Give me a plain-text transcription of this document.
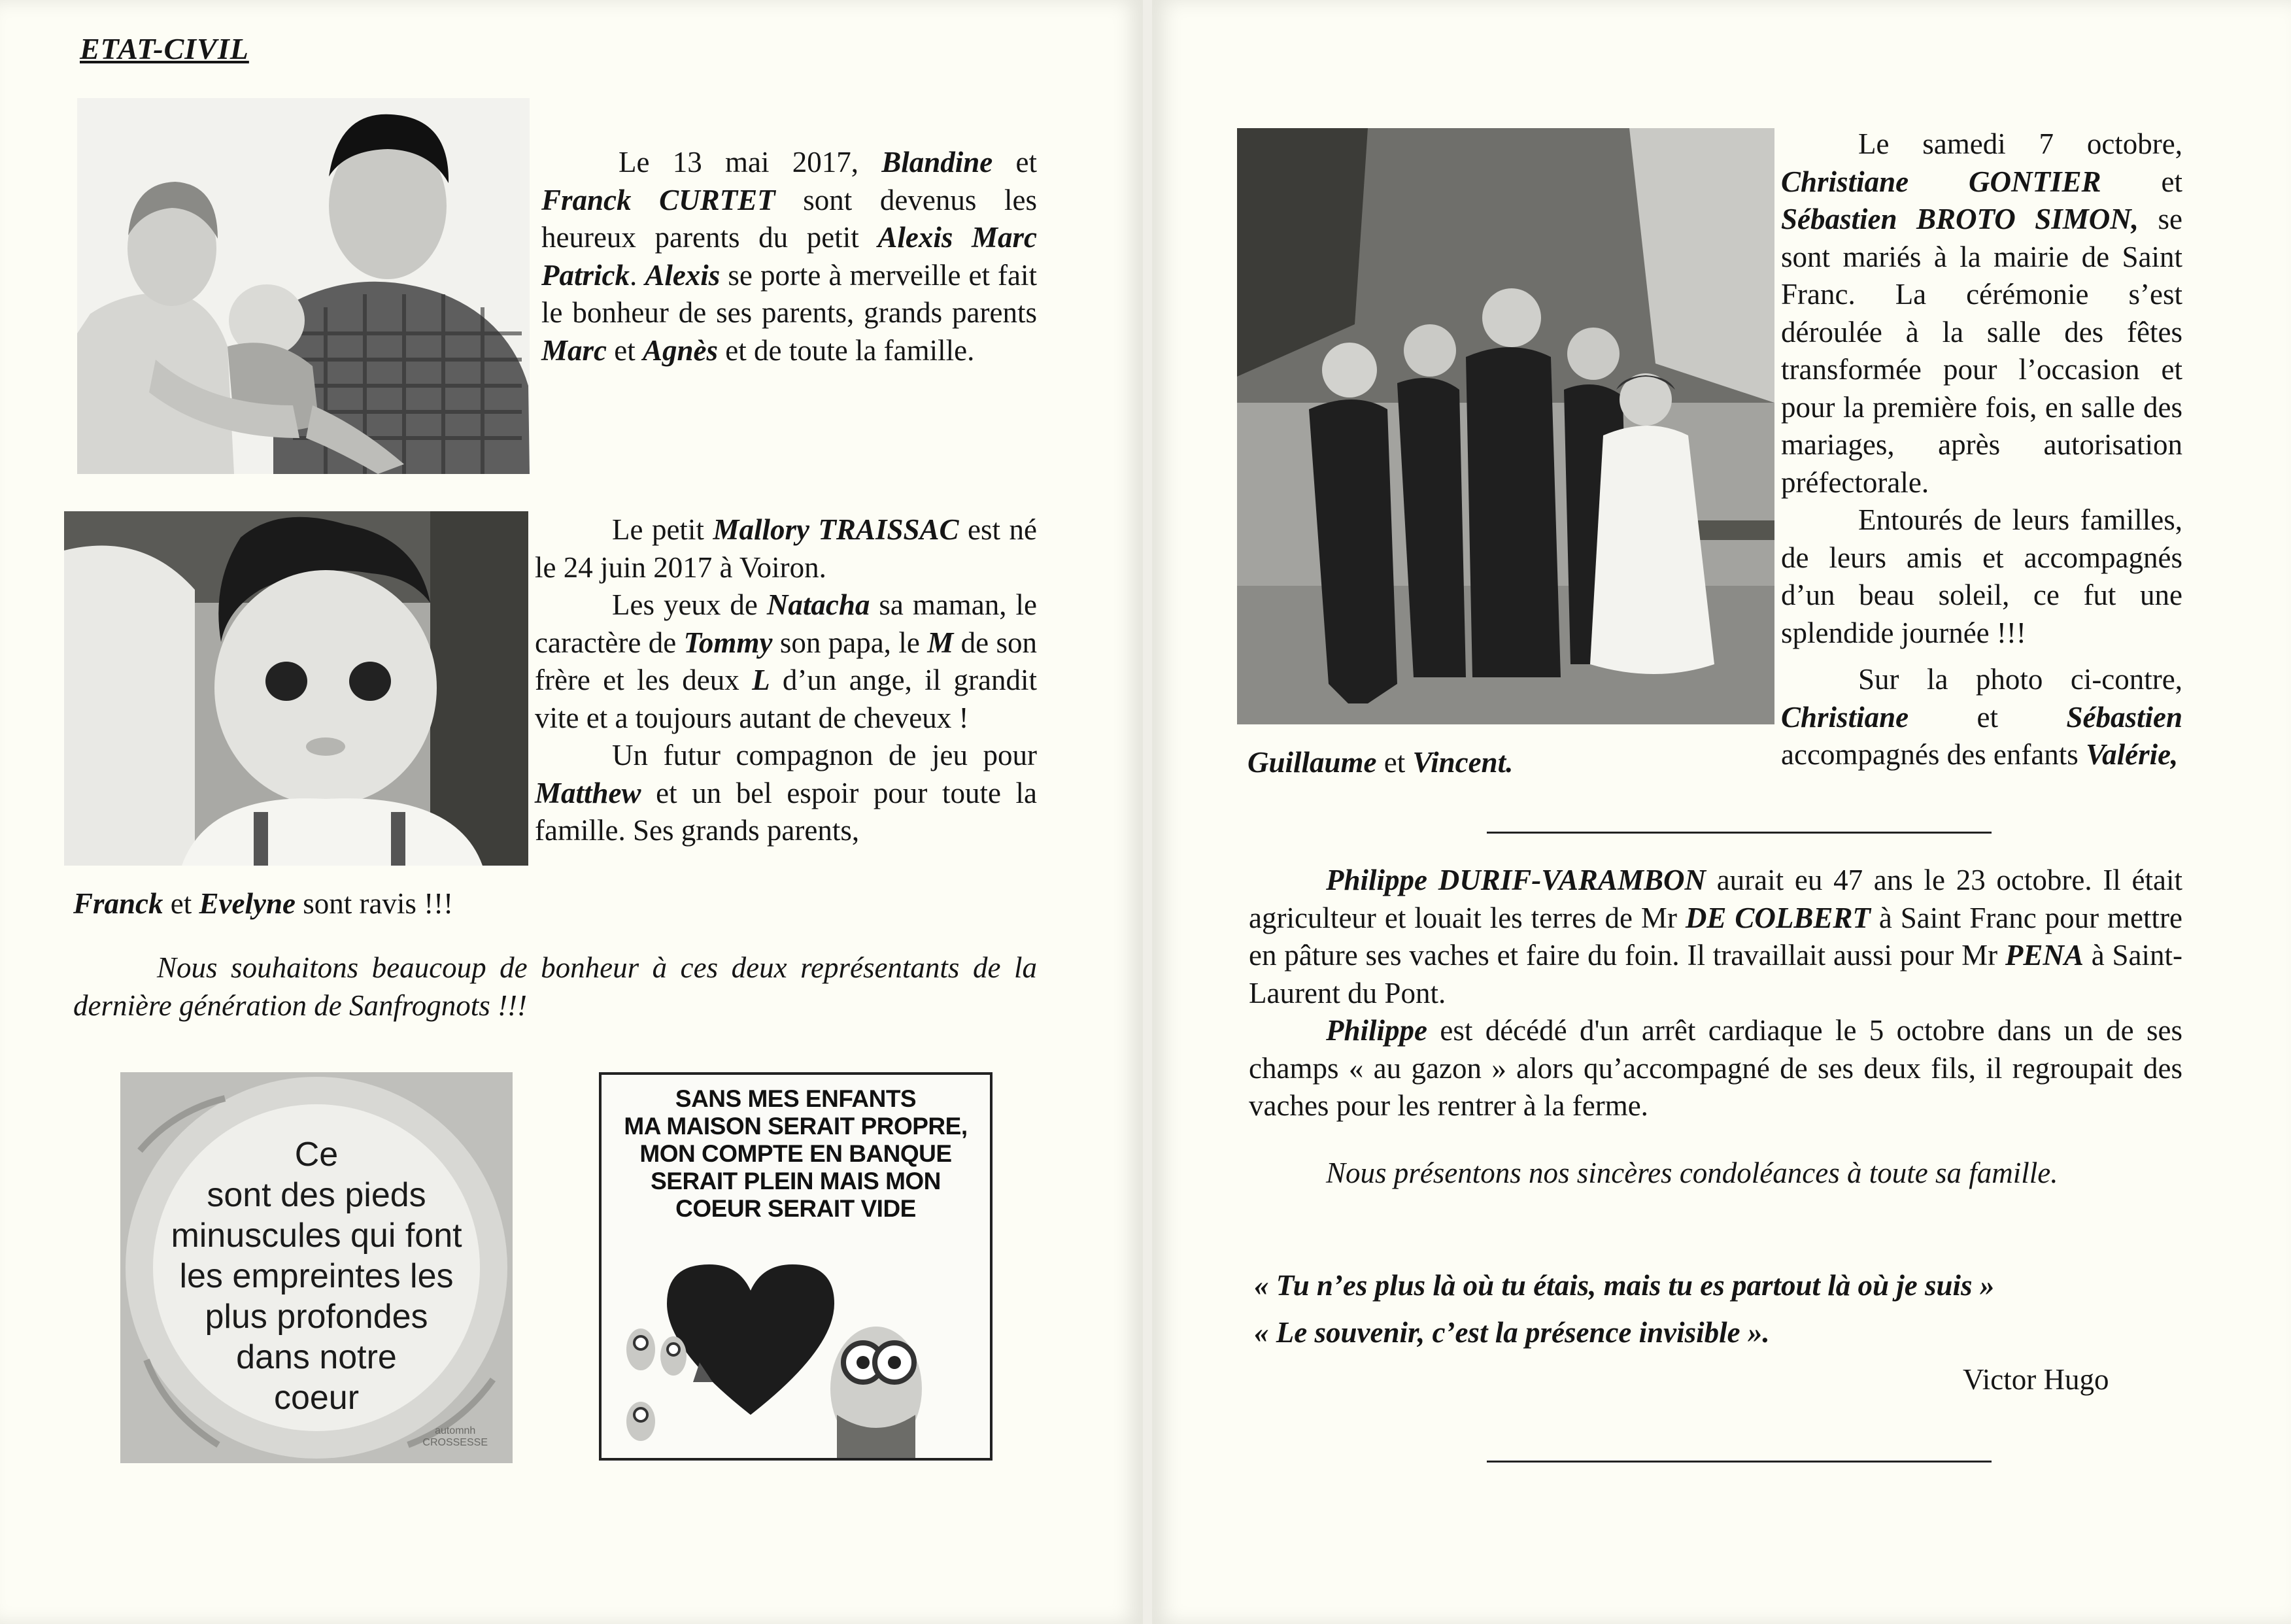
ETAT-CIVIL

Le 13 mai 2017, Blandine et Franck CURTET sont devenus les heureux parents du petit Alexis Marc Patrick. Alexis se porte à merveille et fait le bonheur de ses parents, grands parents Marc et Agnès et de toute la famille.

Le petit Mallory TRAISSAC est né le 24 juin 2017 à Voiron.

Les yeux de Natacha sa maman, le caractère de Tommy son papa, le M de son frère et les deux L d’un ange, il grandit vite et a toujours autant de cheveux !

Un futur compagnon de jeu pour Matthew et un bel espoir pour toute la famille. Ses grands parents,

Franck et Evelyne sont ravis !!!

Nous souhaitons beaucoup de bonheur à ces deux représentants de la dernière génération de Sanfrognots !!!
Ce
sont des pieds
minuscules qui font
les empreintes les
plus profondes
dans notre
coeur
automnh
CROSSESSE
SANS MES ENFANTS
MA MAISON SERAIT PROPRE,
MON COMPTE EN BANQUE
SERAIT PLEIN MAIS MON
COEUR SERAIT VIDE

Le samedi 7 octobre, Christiane GONTIER et Sébastien BROTO SIMON, se sont mariés à la mairie de Saint Franc. La cérémonie s’est déroulée à la salle des fêtes transformée pour l’occasion et pour la première fois, en salle des mariages, après autorisation préfectorale.

Entourés de leurs familles, de leurs amis et accompagnés d’un beau soleil, ce fut une splendide journée !!!

Sur la photo ci-contre, Christiane et Sébastien accompagnés des enfants Valérie,

Guillaume et Vincent.

Philippe DURIF-VARAMBON aurait eu 47 ans le 23 octobre. Il était agriculteur et louait les terres de Mr DE COLBERT à Saint Franc pour mettre en pâture ses vaches et faire du foin. Il travaillait aussi pour Mr PENA à Saint-Laurent du Pont.

Philippe est décédé d'un arrêt cardiaque le 5 octobre dans un de ses champs « au gazon » alors qu’accompagné de ses deux fils, il regroupait des vaches pour les rentrer à la ferme.

Nous présentons nos sincères condoléances à toute sa famille.
« Tu n’es plus là où tu étais, mais tu es partout là où je suis »
« Le souvenir, c’est la présence invisible ».
Victor Hugo
